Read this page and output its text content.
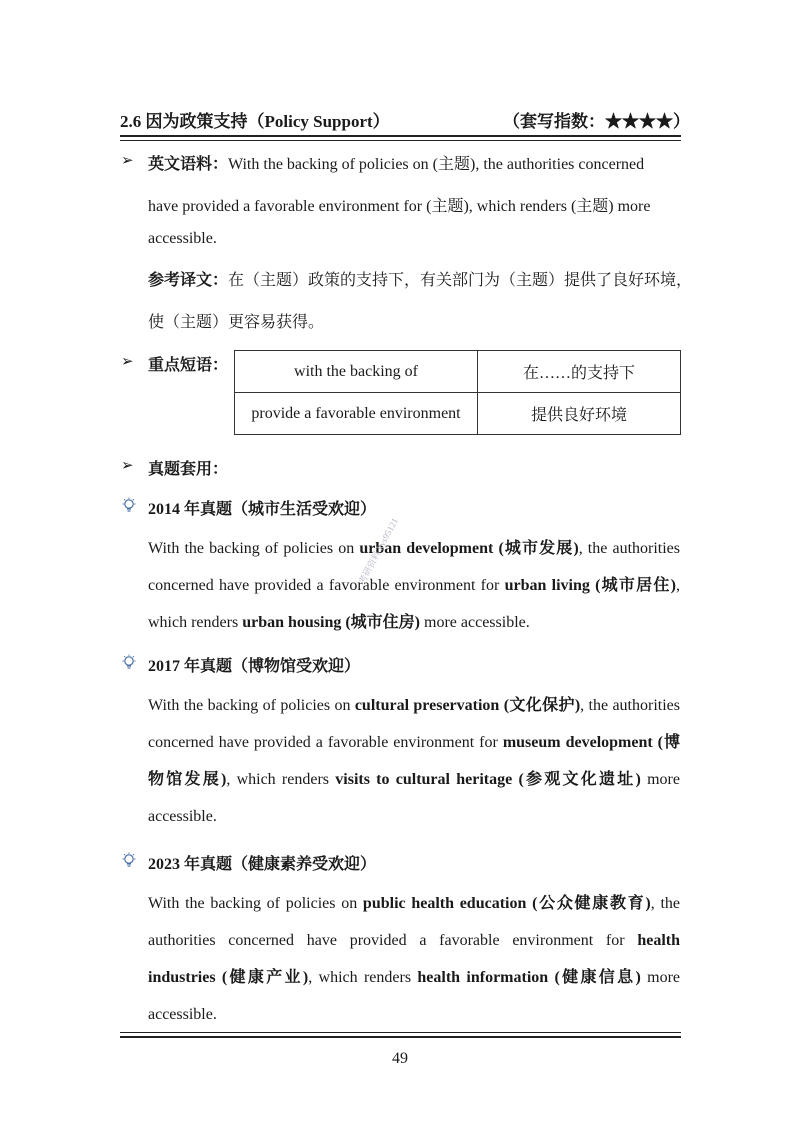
2.6 因为政策支持（Policy Support）	（套写指数：★★★★）
➢ 英文语料：With the backing of policies on (主题), the authorities concerned
have provided a favorable environment for (主题), which renders (主题) more
accessible.
参考译文：在（主题）政策的支持下，有关部门为（主题）提供了良好环境，
使（主题）更容易获得。
➢ 重点短语：	with the backing of	在……的支持下
provide a favorable environment	提供良好环境
➢ 真题套用：
2014 年真题（城市生活受欢迎）
With the backing of policies on urban development (城市发展), the authorities concerned have provided a favorable environment for urban living (城市居住), which renders urban housing (城市住房) more accessible.
2017 年真题（博物馆受欢迎）
With the backing of policies on cultural preservation (文化保护), the authorities concerned have provided a favorable environment for museum development (博物馆发展), which renders visits to cultural heritage (参观文化遗址) more accessible.
2023 年真题（健康素养受欢迎）
With the backing of policies on public health education (公众健康教育), the authorities concerned have provided a favorable environment for health industries (健康产业), which renders health information (健康信息) more accessible.
考研资料 kys95121
49
